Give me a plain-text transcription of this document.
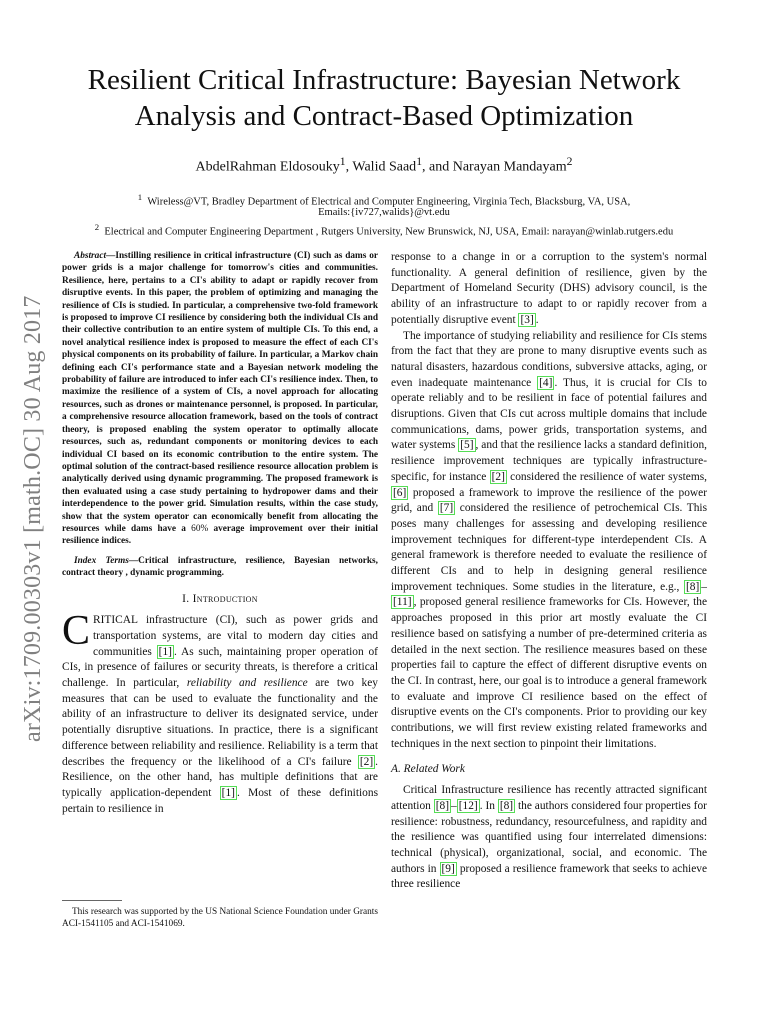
arXiv:1709.00303v1 [math.OC] 30 Aug 2017
Resilient Critical Infrastructure: Bayesian Network Analysis and Contract-Based Optimization
AbdelRahman Eldosouky$^1$, Walid Saad$^1$, and Narayan Mandayam$^2$
$^1$ Wireless@VT, Bradley Department of Electrical and Computer Engineering, Virginia Tech, Blacksburg, VA, USA,
Emails:{iv727,walids}@vt.edu
$^2$ Electrical and Computer Engineering Department , Rutgers University, New Brunswick, NJ, USA, Email: narayan@winlab.rutgers.edu

Abstract—Instilling resilience in critical infrastructure (CI) such as dams or power grids is a major challenge for tomorrow's cities and communities. Resilience, here, pertains to a CI's ability to adapt or rapidly recover from disruptive events. In this paper, the problem of optimizing and managing the resilience of CIs is studied. In particular, a comprehensive two-fold framework is proposed to improve CI resilience by considering both the individual CIs and their collective contribution to an entire system of multiple CIs. To this end, a novel analytical resilience index is proposed to measure the effect of each CI's physical components on its probability of failure. In particular, a Markov chain defining each CI's performance state and a Bayesian network modeling the probability of failure are introduced to infer each CI's resilience index. Then, to maximize the resilience of a system of CIs, a novel approach for allocating resources, such as drones or maintenance personnel, is proposed. In particular, a comprehensive resource allocation framework, based on the tools of contract theory, is proposed enabling the system operator to optimally allocate resources, such as, redundant components or monitoring devices to each individual CI based on its economic contribution to the entire system. The optimal solution of the contract-based resilience resource allocation problem is analytically derived using dynamic programming. The proposed framework is then evaluated using a case study pertaining to hydropower dams and their interdependence to the power grid. Simulation results, within the case study, show that the system operator can economically benefit from allocating the resources while dams have a 60% average improvement over their initial resilience indices.

Index Terms—Critical infrastructure, resilience, Bayesian networks, contract theory , dynamic programming.

I. Introduction

CRITICAL infrastructure (CI), such as power grids and transportation systems, are vital to modern day cities and communities [1] . As such, maintaining proper operation of CIs, in presence of failures or security threats, is therefore a critical challenge. In particular, reliability and resilience are two key measures that can be used to evaluate the functionality and the ability of an infrastructure to deliver its designated service, under potentially disruptive situations. In practice, there is a significant difference between reliability and resilience. Reliability is a term that describes the frequency or the likelihood of a CI's failure [2] . Resilience, on the other hand, has multiple definitions that are typically application-dependent [1] . Most of these definitions pertain to resilience in

This research was supported by the US National Science Foundation under Grants ACI-1541105 and ACI-1541069.

response to a change in or a corruption to the system's normal functionality. A general definition of resilience, given by the Department of Homeland Security (DHS) advisory council, is the ability of an infrastructure to adapt to or rapidly recover from a potentially disruptive event [3] .

The importance of studying reliability and resilience for CIs stems from the fact that they are prone to many disruptive events such as natural disasters, hazardous conditions, subversive attacks, aging, or even inadequate maintenance [4] . Thus, it is crucial for CIs to operate reliably and to be resilient in face of potential failures and disruptions. Given that CIs cut across multiple domains that include communications, dams, power grids, transportation systems, and water systems [5] , and that the resilience lacks a standard definition, resilience improvement techniques are typically infrastructure-specific, for instance [2] considered the resilience of water systems, [6] proposed a framework to improve the resilience of the power grid, and [7] considered the resilience of petrochemical CIs. This poses many challenges for assessing and developing resilience improvement techniques for different-type interdependent CIs. A general framework is therefore needed to evaluate the resilience of different CIs and to help in designing general resilience improvement techniques. Some studies in the literature, e.g., [8] –[11] , proposed general resilience frameworks for CIs. However, the approaches proposed in this prior art mostly evaluate the CI resilience based on satisfying a number of pre-determined criteria as detailed in the next section. The resilience measures based on these properties fail to capture the effect of different disruptive events on the CI. In contrast, here, our goal is to introduce a general framework to evaluate and improve CI resilience based on the effect of disruptive events on the CI's components. Prior to providing our key contributions, we will first review existing related frameworks and techniques in the next section to pinpoint their limitations.

A. Related Work

Critical Infrastructure resilience has recently attracted significant attention [8] – [12] . In [8] the authors considered four properties for resilience: robustness, redundancy, resourcefulness, and rapidity and the resilience was quantified using four interrelated dimensions: technical (physical), organizational, social, and economic. The authors in [9] proposed a resilience framework that seeks to achieve three resilience
